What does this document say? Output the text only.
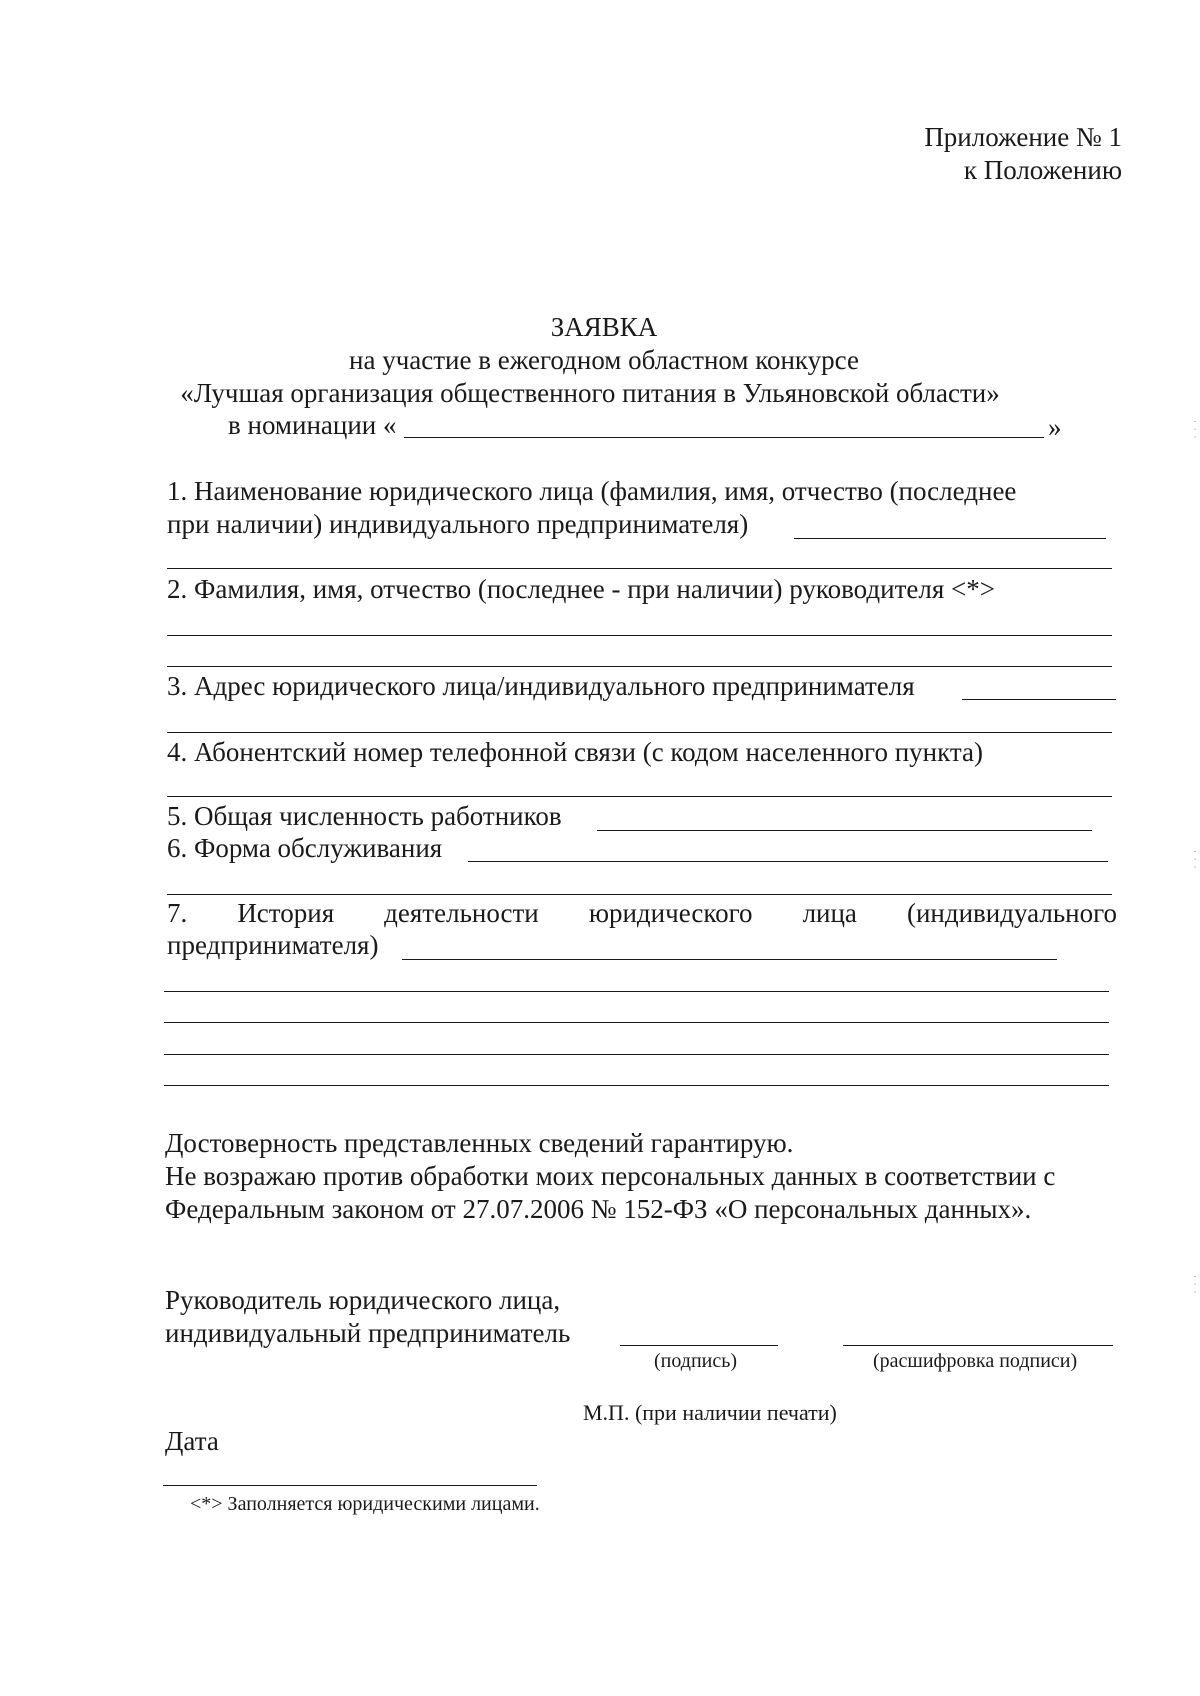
Приложение № 1
к Положению
ЗАЯВКА
на участие в ежегодном областном конкурсе
«Лучшая организация общественного питания в Ульяновской области»
в номинации «	»
1. Наименование юридического лица (фамилия, имя, отчество (последнее
при наличии) индивидуального предпринимателя)
2. Фамилия, имя, отчество (последнее - при наличии) руководителя <*>
3. Адрес юридического лица/индивидуального предпринимателя
4. Абонентский номер телефонной связи (с кодом населенного пункта)
5. Общая численность работников
6. Форма обслуживания
7. История деятельности юридического лица (индивидуального
предпринимателя)
Достоверность представленных сведений гарантирую.
Не возражаю против обработки моих персональных данных в соответствии с
Федеральным законом от 27.07.2006 № 152-ФЗ «О персональных данных».
Руководитель юридического лица,
индивидуальный предприниматель
(подпись)	(расшифровка подписи)
М.П. (при наличии печати)
Дата
<*> Заполняется юридическими лицами.
· · ·
· · ·
· · ·
